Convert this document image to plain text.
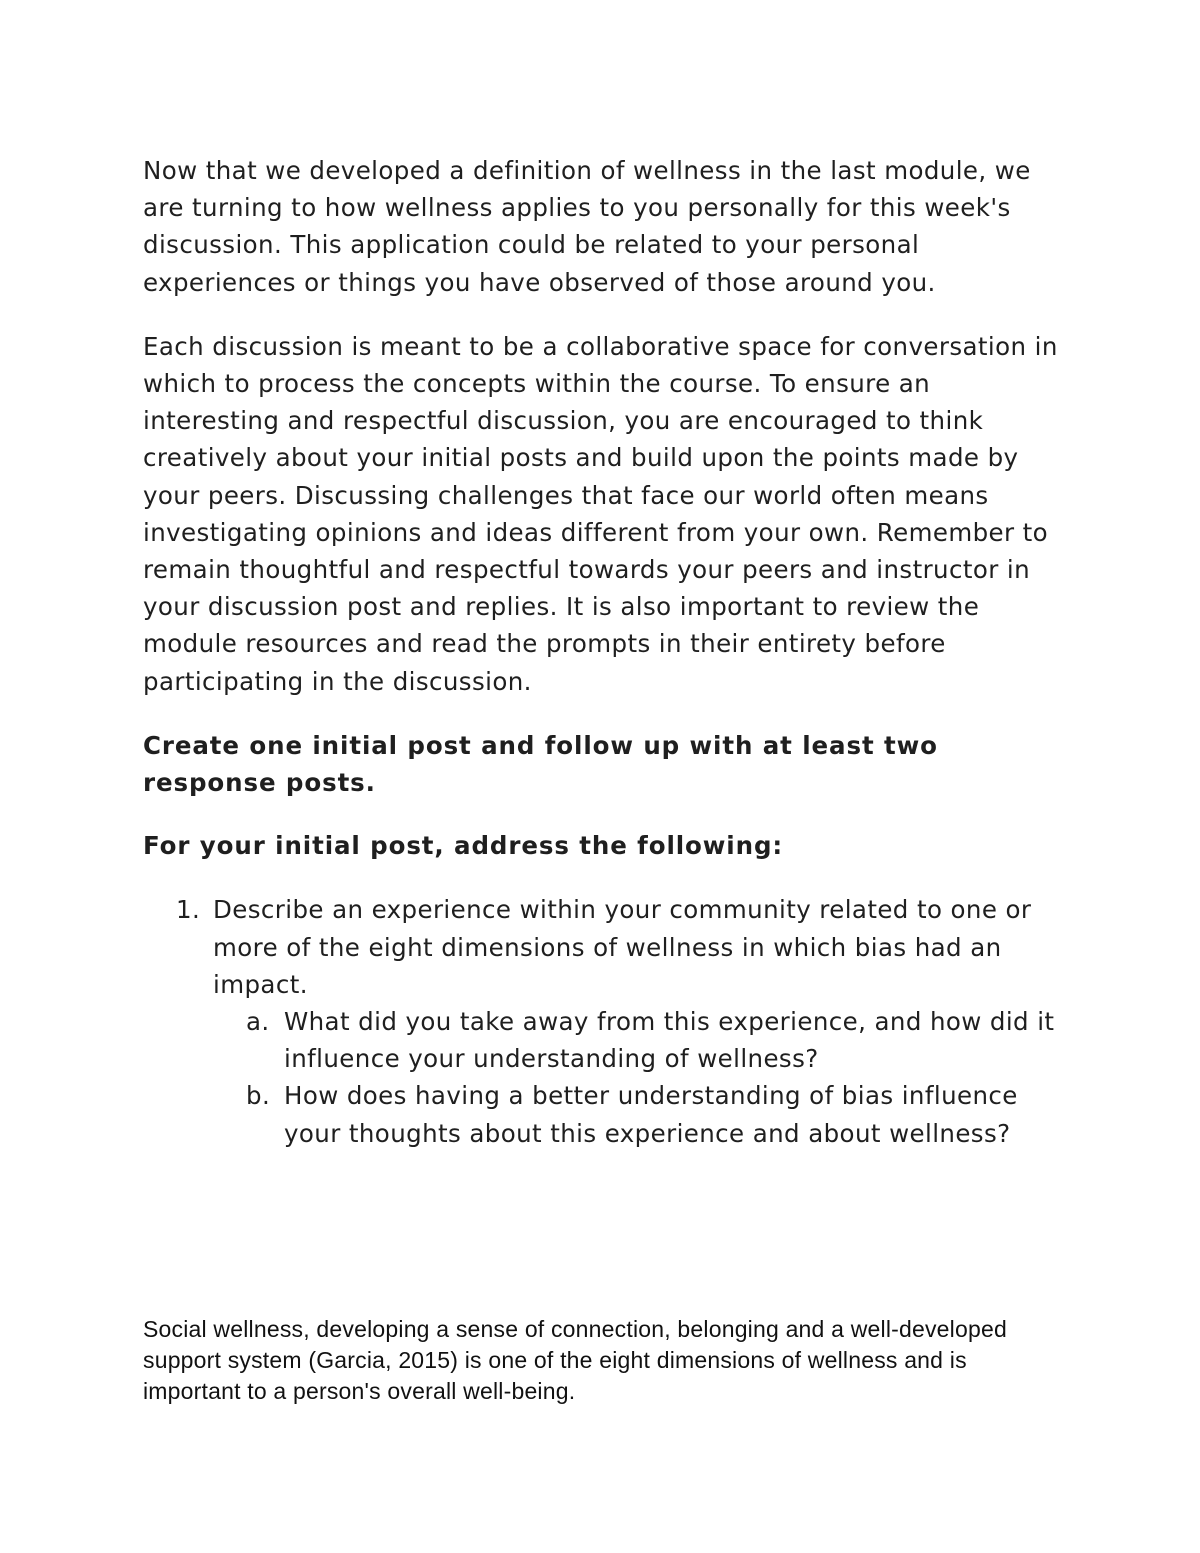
Now that we developed a definition of wellness in the last module, we are turning to how wellness applies to you personally for this week's discussion. This application could be related to your personal experiences or things you have observed of those around you.

Each discussion is meant to be a collaborative space for conversation in which to process the concepts within the course. To ensure an interesting and respectful discussion, you are encouraged to think creatively about your initial posts and build upon the points made by your peers. Discussing challenges that face our world often means investigating opinions and ideas different from your own. Remember to remain thoughtful and respectful towards your peers and instructor in your discussion post and replies. It is also important to review the module resources and read the prompts in their entirety before participating in the discussion.

Create one initial post and follow up with at least two response posts.

For your initial post, address the following:

1. Describe an experience within your community related to one or more of the eight dimensions of wellness in which bias had an impact.
a. What did you take away from this experience, and how did it influence your understanding of wellness?
b. How does having a better understanding of bias influence your thoughts about this experience and about wellness?

Social wellness, developing a sense of connection, belonging and a well-developed support system (Garcia, 2015) is one of the eight dimensions of wellness and is important to a person's overall well-being.
